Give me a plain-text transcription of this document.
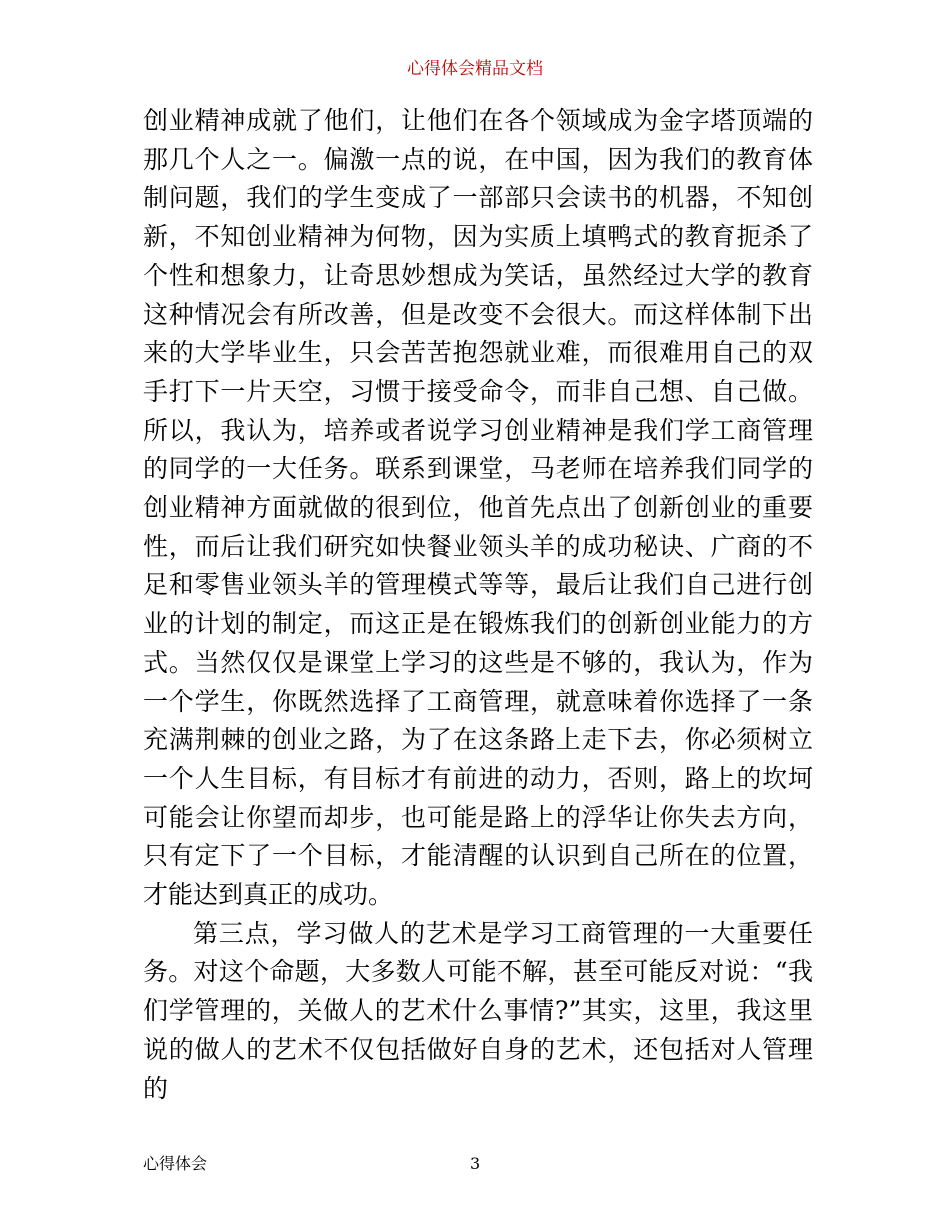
心得体会精品文档

创业精神成就了他们，让他们在各个领域成为金字塔顶端的那几个人之一。偏激一点的说，在中国，因为我们的教育体制问题，我们的学生变成了一部部只会读书的机器，不知创新，不知创业精神为何物，因为实质上填鸭式的教育扼杀了个性和想象力，让奇思妙想成为笑话，虽然经过大学的教育这种情况会有所改善，但是改变不会很大。而这样体制下出来的大学毕业生，只会苦苦抱怨就业难，而很难用自己的双手打下一片天空，习惯于接受命令，而非自己想、自己做。所以，我认为，培养或者说学习创业精神是我们学工商管理的同学的一大任务。联系到课堂，马老师在培养我们同学的创业精神方面就做的很到位，他首先点出了创新创业的重要性，而后让我们研究如快餐业领头羊的成功秘诀、广商的不足和零售业领头羊的管理模式等等，最后让我们自己进行创业的计划的制定，而这正是在锻炼我们的创新创业能力的方式。当然仅仅是课堂上学习的这些是不够的，我认为，作为一个学生，你既然选择了工商管理，就意味着你选择了一条充满荆棘的创业之路，为了在这条路上走下去，你必须树立一个人生目标，有目标才有前进的动力，否则，路上的坎坷可能会让你望而却步，也可能是路上的浮华让你失去方向，只有定下了一个目标，才能清醒的认识到自己所在的位置，才能达到真正的成功。

第三点，学习做人的艺术是学习工商管理的一大重要任务。对这个命题，大多数人可能不解，甚至可能反对说：“我们学管理的，关做人的艺术什么事情?”其实，这里，我这里说的做人的艺术不仅包括做好自身的艺术，还包括对人管理的

心得体会	3
